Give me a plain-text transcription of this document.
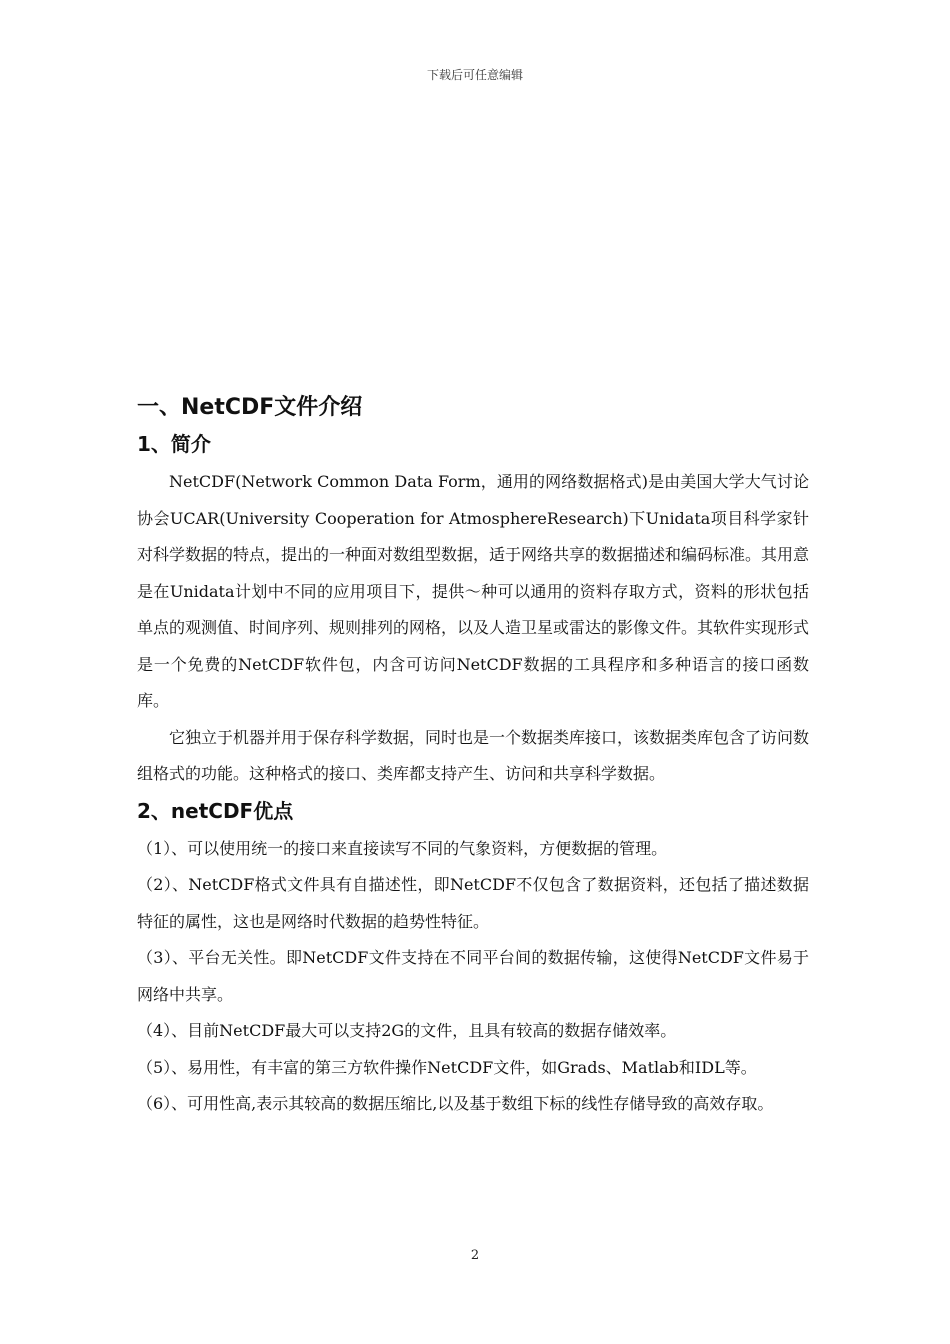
下载后可任意编辑
一、NetCDF文件介绍
1、简介

NetCDF(Network Common Data Form，通用的网络数据格式)是由美国大学大气讨论协会UCAR(University Cooperation for AtmosphereResearch)下Unidata项目科学家针对科学数据的特点，提出的一种面对数组型数据，适于网络共享的数据描述和编码标准。其用意是在Unidata计划中不同的应用项目下，提供～种可以通用的资料存取方式，资料的形状包括单点的观测值、时间序列、规则排列的网格，以及人造卫星或雷达的影像文件。其软件实现形式是一个免费的NetCDF软件包，内含可访问NetCDF数据的工具程序和多种语言的接口函数库。

它独立于机器并用于保存科学数据，同时也是一个数据类库接口，该数据类库包含了访问数组格式的功能。这种格式的接口、类库都支持产生、访问和共享科学数据。

2、netCDF优点

（1）、可以使用统一的接口来直接读写不同的气象资料，方便数据的管理。

（2）、NetCDF格式文件具有自描述性，即NetCDF不仅包含了数据资料，还包括了描述数据特征的属性，这也是网络时代数据的趋势性特征。

（3）、平台无关性。即NetCDF文件支持在不同平台间的数据传输，这使得NetCDF文件易于网络中共享。

（4）、目前NetCDF最大可以支持2G的文件，且具有较高的数据存储效率。

（5）、易用性，有丰富的第三方软件操作NetCDF文件，如Grads、Matlab和IDL等。

（6）、可用性高,表示其较高的数据压缩比,以及基于数组下标的线性存储导致的高效存取。

2
